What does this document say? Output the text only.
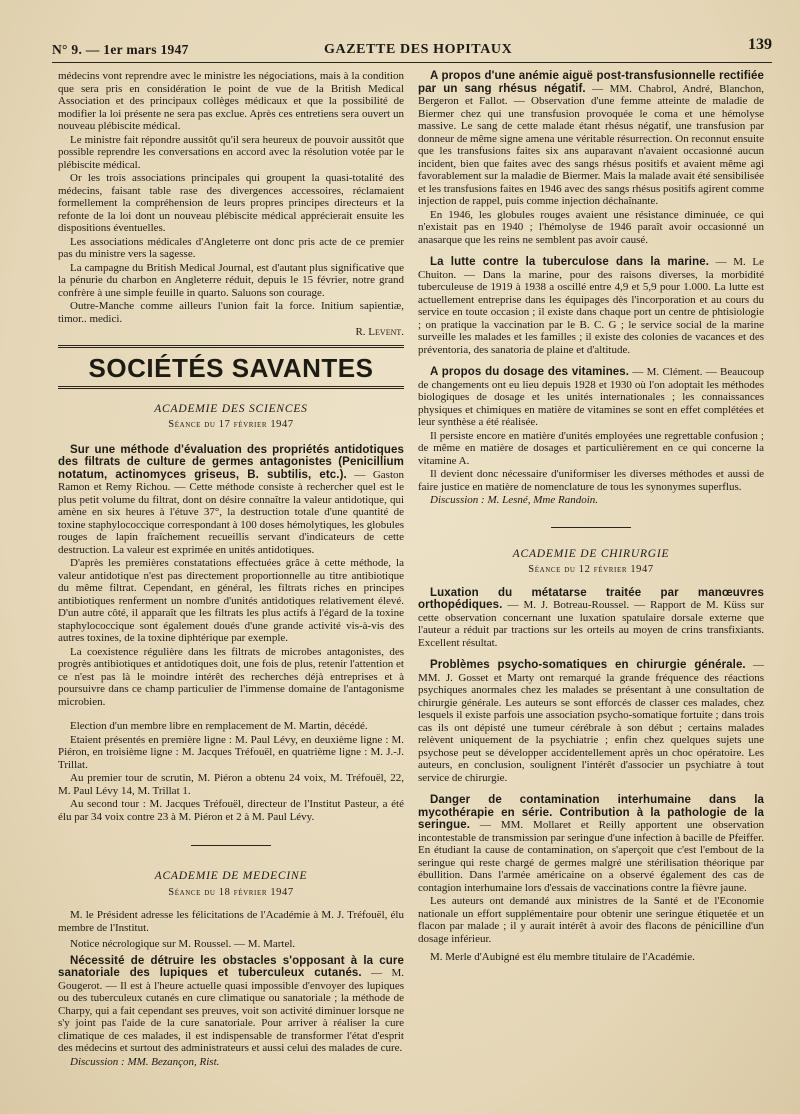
N° 9. — 1er mars 1947	GAZETTE DES HOPITAUX	139

médecins vont reprendre avec le ministre les négociations, mais à la condition que sera pris en considération le point de vue de la British Medical Association et des principaux collèges médicaux et que la possibilité de modifier la loi présente ne sera pas exclue. Après ces entretiens sera ouvert un nouveau plébiscite médical.

Le ministre fait répondre aussitôt qu'il sera heureux de pouvoir aussitôt que possible reprendre les conversations en accord avec la résolution votée par le plébiscite médical.

Or les trois associations principales qui groupent la quasi-totalité des médecins, faisant table rase des divergences accessoires, réclamaient formellement la compréhension de leurs propres principes directeurs et la refonte de la loi dont un nouveau plébiscite médical apprécierait ensuite les dispositions éventuelles.

Les associations médicales d'Angleterre ont donc pris acte de ce premier pas du ministre vers la sagesse.

La campagne du British Medical Journal, est d'autant plus significative que la pénurie du charbon en Angleterre réduit, depuis le 15 février, notre grand confrère à une simple feuille in quarto. Saluons son courage.

Outre-Manche comme ailleurs l'union fait la force. Initium sapientiæ, timor.. medici.

R. Levent.

SOCIÉTÉS SAVANTES

ACADEMIE DES SCIENCES

Séance du 17 février 1947

Sur une méthode d'évaluation des propriétés antidotiques des filtrats de culture de germes antagonistes (Penicillium notatum, actinomyces griseus, B. subtilis, etc.). — Gaston Ramon et Remy Richou. — Cette méthode consiste à rechercher quel est le plus petit volume du filtrat, dont on désire connaître la valeur antidotique, qui amène en six heures à l'étuve 37°, la destruction totale d'une quantité de toxine staphylococcique correspondant à 100 doses hémolytiques, les globules rouges de lapin fraîchement recueillis servant d'indicateurs de cette destruction. La valeur est exprimée en unités antidotiques.

D'après les premières constatations effectuées grâce à cette méthode, la valeur antidotique n'est pas directement proportionnelle au titre antibiotique du même filtrat. Cependant, en général, les filtrats riches en principes antibiotiques renferment un nombre d'unités antidotiques relativement élevé. D'un autre côté, il apparaît que les filtrats les plus actifs à l'égard de la toxine staphylococcique sont également doués d'une grande activité vis-à-vis des autres toxines, de la toxine diphtérique par exemple.

La coexistence régulière dans les filtrats de microbes antagonistes, des progrès antibiotiques et antidotiques doit, une fois de plus, retenir l'attention et ce n'est pas là le moindre intérêt des recherches déjà entreprises et à poursuivre dans ce champ particulier de l'immense domaine de l'antagonisme microbien.

Election d'un membre libre en remplacement de M. Martin, décédé.

Etaient présentés en première ligne : M. Paul Lévy, en deuxième ligne : M. Piéron, en troisième ligne : M. Jacques Tréfouël, en quatrième ligne : M. J.-J. Trillat.

Au premier tour de scrutin, M. Piéron a obtenu 24 voix, M. Tréfouël, 22, M. Paul Lévy 14, M. Trillat 1.

Au second tour : M. Jacques Tréfouël, directeur de l'Institut Pasteur, a été élu par 34 voix contre 23 à M. Piéron et 2 à M. Paul Lévy.

ACADEMIE DE MEDECINE

Séance du 18 février 1947

M. le Président adresse les félicitations de l'Académie à M. J. Tréfouël, élu membre de l'Institut.

Notice nécrologique sur M. Roussel. — M. Martel.

Nécessité de détruire les obstacles s'opposant à la cure sanatoriale des lupiques et tuberculeux cutanés. — M. Gougerot. — Il est à l'heure actuelle quasi impossible d'envoyer des lupiques ou des tuberculeux cutanés en cure climatique ou sanatoriale ; la méthode de Charpy, qui a fait cependant ses preuves, voit son activité diminuer lorsque ne s'y joint pas l'aide de la cure sanatoriale. Pour arriver à réaliser la cure climatique de ces malades, il est indispensable de transformer l'état d'esprit des médecins et surtout des administrateurs et aussi celui des malades de cure.

Discussion : MM. Bezançon, Rist.

A propos d'une anémie aiguë post-transfusionnelle rectifiée par un sang rhésus négatif. — MM. Chabrol, André, Blanchon, Bergeron et Fallot. — Observation d'une femme atteinte de maladie de Biermer chez qui une transfusion provoquée le coma et une hémolyse massive. Le sang de cette malade étant rhésus négatif, une transfusion par donneur de même signe amena une véritable résurrection. On reconnut ensuite que les transfusions faites six ans auparavant n'avaient occasionné aucun incident, bien que faites avec des sangs rhésus positifs et avaient même agi favorablement sur la maladie de Biermer. Mais la malade avait été sensibilisée et les transfusions faites en 1946 avec des sangs rhésus positifs agirent comme injection de rappel, puis comme injection déchaînante.

En 1946, les globules rouges avaient une résistance diminuée, ce qui n'existait pas en 1940 ; l'hémolyse de 1946 paraît avoir occasionné un anasarque que les reins ne semblent pas avoir causé.

La lutte contre la tuberculose dans la marine. — M. Le Chuiton. — Dans la marine, pour des raisons diverses, la morbidité tuberculeuse de 1919 à 1938 a oscillé entre 4,9 et 5,9 pour 1.000. La lutte est actuellement entreprise dans les équipages dès l'incorporation et au cours du service en toute occasion ; il existe dans chaque port un centre de phtisiologie ; on pratique la vaccination par le B. C. G ; le service social de la marine surveille les malades et les familles ; il existe des colonies de vacances et des préventoria, des sanatoria de plaine et d'altitude.

A propos du dosage des vitamines. — M. Clément. — Beaucoup de changements ont eu lieu depuis 1928 et 1930 où l'on adoptait les méthodes biologiques de dosage et les unités internationales ; les connaissances physiques et chimiques en matière de vitamines se sont en effet complétées et leur synthèse a été réalisée.

Il persiste encore en matière d'unités employées une regrettable confusion ; de même en matière de dosages et particulièrement en ce qui concerne la vitamine A.

Il devient donc nécessaire d'uniformiser les diverses méthodes et aussi de faire justice en matière de nomenclature de tous les synonymes superflus.

Discussion : M. Lesné, Mme Randoin.

ACADEMIE DE CHIRURGIE

Séance du 12 février 1947

Luxation du métatarse traitée par manœuvres orthopédiques. — M. J. Botreau-Roussel. — Rapport de M. Küss sur cette observation concernant une luxation spatulaire dorsale externe que l'auteur a réduit par tractions sur les orteils au moyen de crins transfixiants. Excellent résultat.

Problèmes psycho-somatiques en chirurgie générale. — MM. J. Gosset et Marty ont remarqué la grande fréquence des réactions psychiques anormales chez les malades se présentant à une consultation de chirurgie générale. Les auteurs se sont efforcés de classer ces malades, chez lesquels il existe parfois une association psycho-somatique fortuite ; dans trois cas ils ont dépisté une tumeur cérébrale à son début ; certains malades relèvent uniquement de la psychiatrie ; enfin chez quelques sujets une psychose peut se développer accidentellement après un choc opératoire. Les auteurs, en conclusion, soulignent l'intérêt d'associer un psychiatre à tout service de chirurgie.

Danger de contamination interhumaine dans la mycothérapie en série. Contribution à la pathologie de la seringue. — MM. Mollaret et Reilly apportent une observation incontestable de transmission par seringue d'une infection à bacille de Pfeiffer. En étudiant la cause de contamination, on s'aperçoit que c'est l'embout de la seringue qui reste chargé de germes malgré une stérilisation théorique par ébullition. Dans l'armée américaine on a observé également des cas de contagion interhumaine lors d'essais de vaccinations contre la fièvre jaune.

Les auteurs ont demandé aux ministres de la Santé et de l'Economie nationale un effort supplémentaire pour obtenir une seringue étiquetée et un flacon par malade ; il y aurait intérêt à avoir des flacons de pénicilline d'un dosage inférieur.

M. Merle d'Aubigné est élu membre titulaire de l'Académie.
